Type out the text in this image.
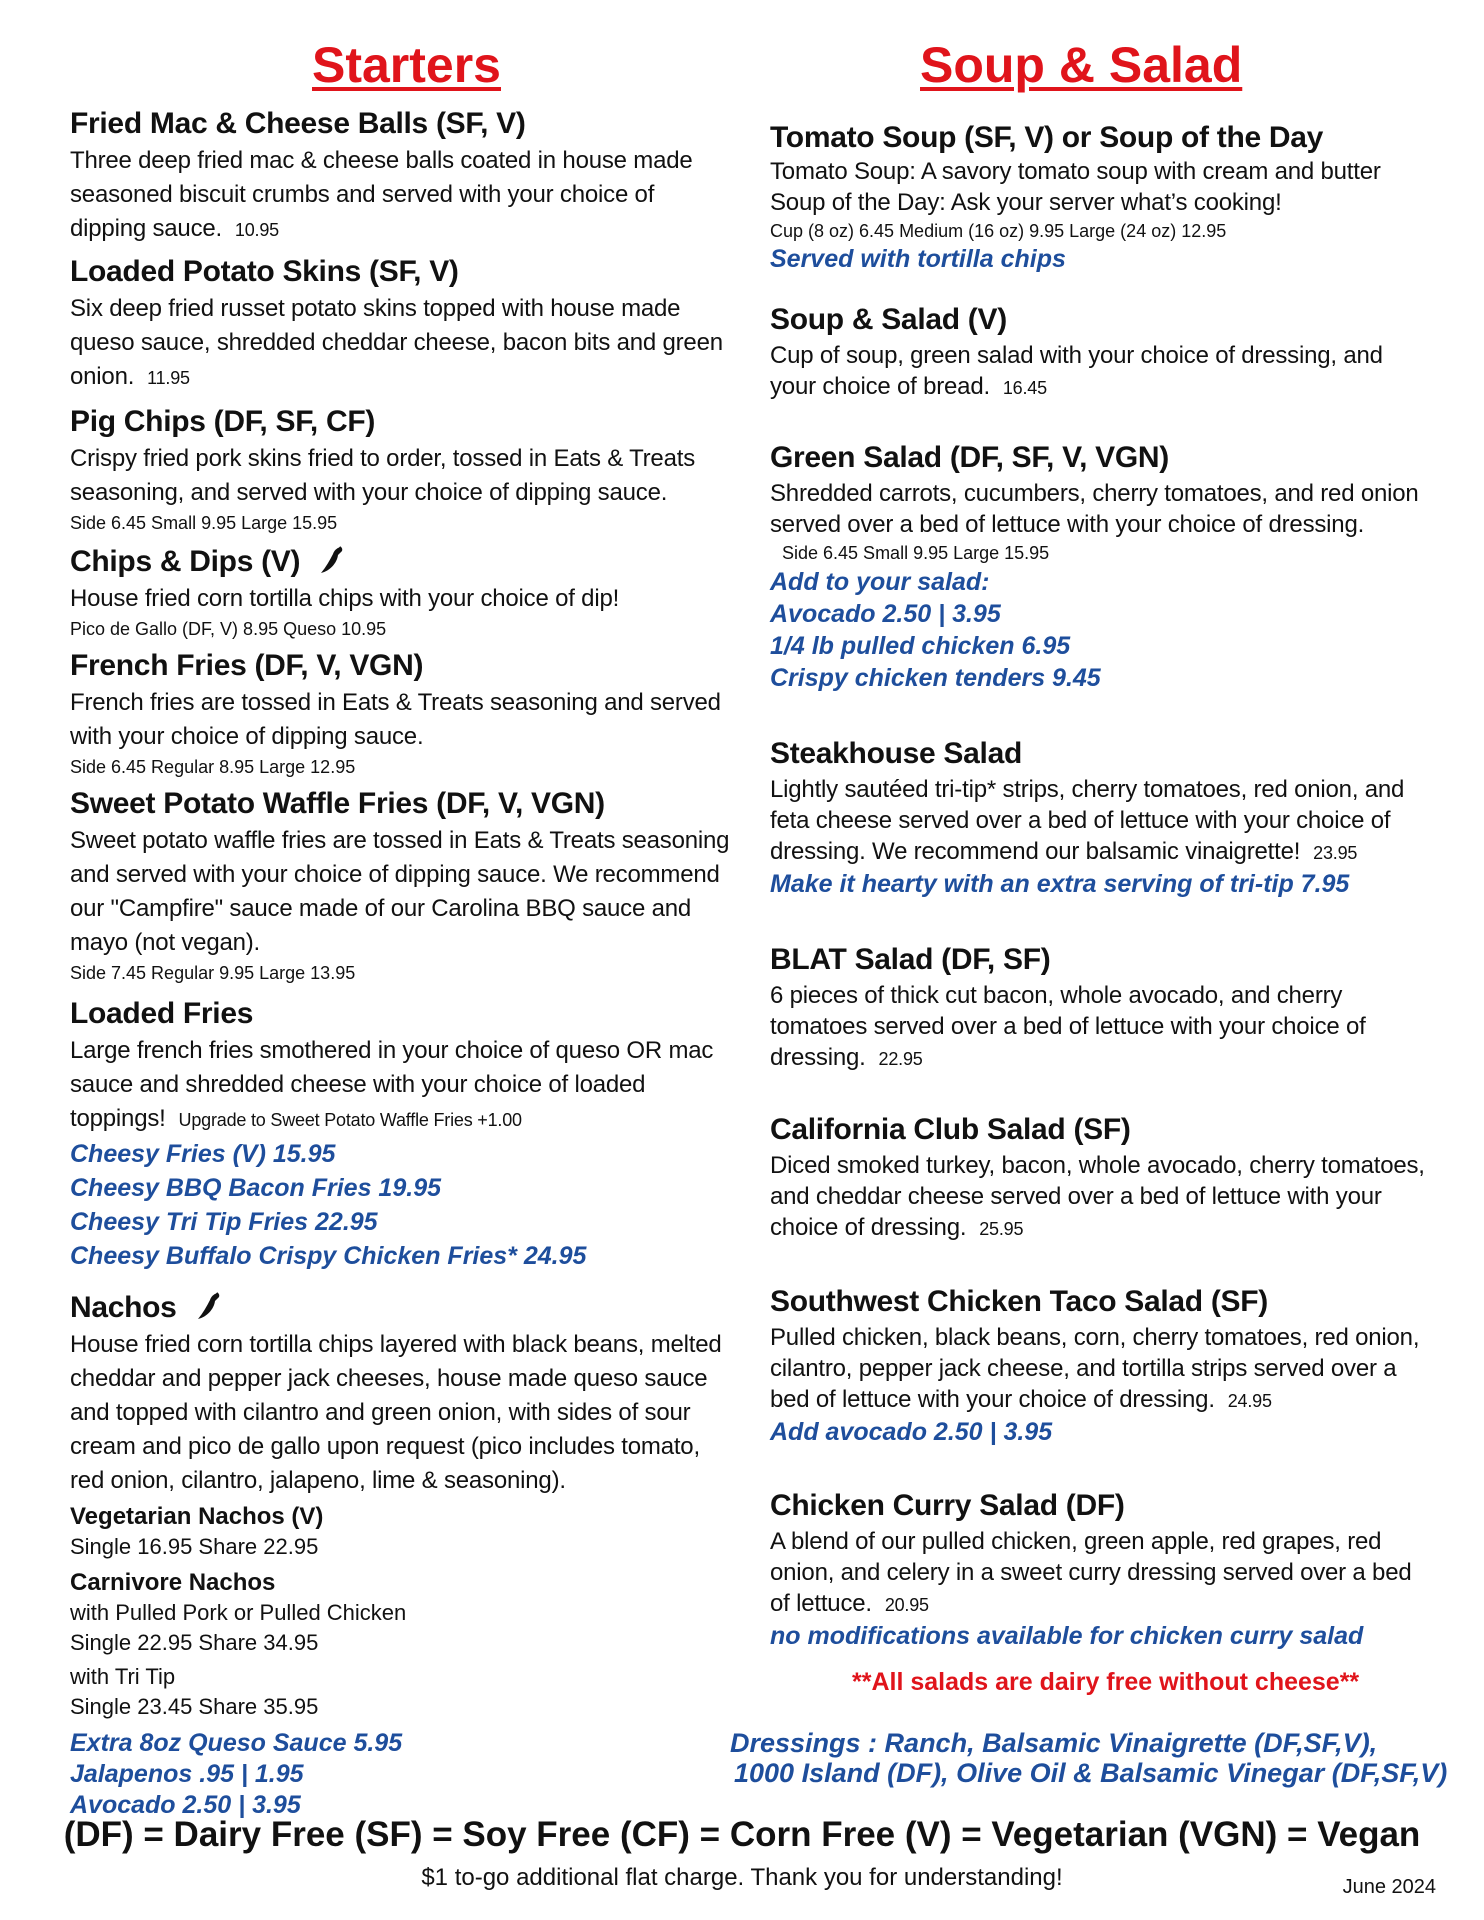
Starters
Fried Mac & Cheese Balls (SF, V)
Three deep fried mac & cheese balls coated in house made seasoned biscuit crumbs and served with your choice of dipping sauce. 10.95
Loaded Potato Skins (SF, V)
Six deep fried russet potato skins topped with house made queso sauce, shredded cheddar cheese, bacon bits and green onion. 11.95
Pig Chips (DF, SF, CF)
Crispy fried pork skins fried to order, tossed in Eats & Treats seasoning, and served with your choice of dipping sauce.
Side 6.45 Small 9.95 Large 15.95
Chips & Dips (V)
House fried corn tortilla chips with your choice of dip!
Pico de Gallo (DF, V) 8.95 Queso 10.95
French Fries (DF, V, VGN)
French fries are tossed in Eats & Treats seasoning and served with your choice of dipping sauce.
Side 6.45 Regular 8.95 Large 12.95
Sweet Potato Waffle Fries (DF, V, VGN)
Sweet potato waffle fries are tossed in Eats & Treats seasoning and served with your choice of dipping sauce. We recommend our "Campfire" sauce made of our Carolina BBQ sauce and mayo (not vegan).
Side 7.45 Regular 9.95 Large 13.95
Loaded Fries
Large french fries smothered in your choice of queso OR mac sauce and shredded cheese with your choice of loaded toppings! Upgrade to Sweet Potato Waffle Fries +1.00
Cheesy Fries (V) 15.95
Cheesy BBQ Bacon Fries 19.95
Cheesy Tri Tip Fries 22.95
Cheesy Buffalo Crispy Chicken Fries* 24.95
Nachos
House fried corn tortilla chips layered with black beans, melted cheddar and pepper jack cheeses, house made queso sauce and topped with cilantro and green onion, with sides of sour cream and pico de gallo upon request (pico includes tomato, red onion, cilantro, jalapeno, lime & seasoning).
Vegetarian Nachos (V)
Single 16.95 Share 22.95
Carnivore Nachos
with Pulled Pork or Pulled Chicken
Single 22.95 Share 34.95
with Tri Tip
Single 23.45 Share 35.95
Extra 8oz Queso Sauce 5.95
Jalapenos .95 | 1.95
Avocado 2.50 | 3.95
Soup & Salad
Tomato Soup (SF, V) or Soup of the Day
Tomato Soup: A savory tomato soup with cream and butter
Soup of the Day: Ask your server what’s cooking!
Cup (8 oz) 6.45 Medium (16 oz) 9.95 Large (24 oz) 12.95
Served with tortilla chips
Soup & Salad (V)
Cup of soup, green salad with your choice of dressing, and your choice of bread. 16.45
Green Salad (DF, SF, V, VGN)
Shredded carrots, cucumbers, cherry tomatoes, and red onion served over a bed of lettuce with your choice of dressing.
Side 6.45 Small 9.95 Large 15.95
Add to your salad:
Avocado 2.50 | 3.95
1/4 lb pulled chicken 6.95
Crispy chicken tenders 9.45
Steakhouse Salad
Lightly sautéed tri-tip* strips, cherry tomatoes, red onion, and feta cheese served over a bed of lettuce with your choice of dressing. We recommend our balsamic vinaigrette! 23.95
Make it hearty with an extra serving of tri-tip 7.95
BLAT Salad (DF, SF)
6 pieces of thick cut bacon, whole avocado, and cherry tomatoes served over a bed of lettuce with your choice of dressing. 22.95
California Club Salad (SF)
Diced smoked turkey, bacon, whole avocado, cherry tomatoes, and cheddar cheese served over a bed of lettuce with your choice of dressing. 25.95
Southwest Chicken Taco Salad (SF)
Pulled chicken, black beans, corn, cherry tomatoes, red onion, cilantro, pepper jack cheese, and tortilla strips served over a bed of lettuce with your choice of dressing. 24.95
Add avocado 2.50 | 3.95
Chicken Curry Salad (DF)
A blend of our pulled chicken, green apple, red grapes, red onion, and celery in a sweet curry dressing served over a bed of lettuce. 20.95
no modifications available for chicken curry salad
**All salads are dairy free without cheese**
Dressings : Ranch, Balsamic Vinaigrette (DF,SF,V),
1000 Island (DF), Olive Oil & Balsamic Vinegar (DF,SF,V)
(DF) = Dairy Free (SF) = Soy Free (CF) = Corn Free (V) = Vegetarian (VGN) = Vegan
$1 to-go additional flat charge. Thank you for understanding!	June 2024
